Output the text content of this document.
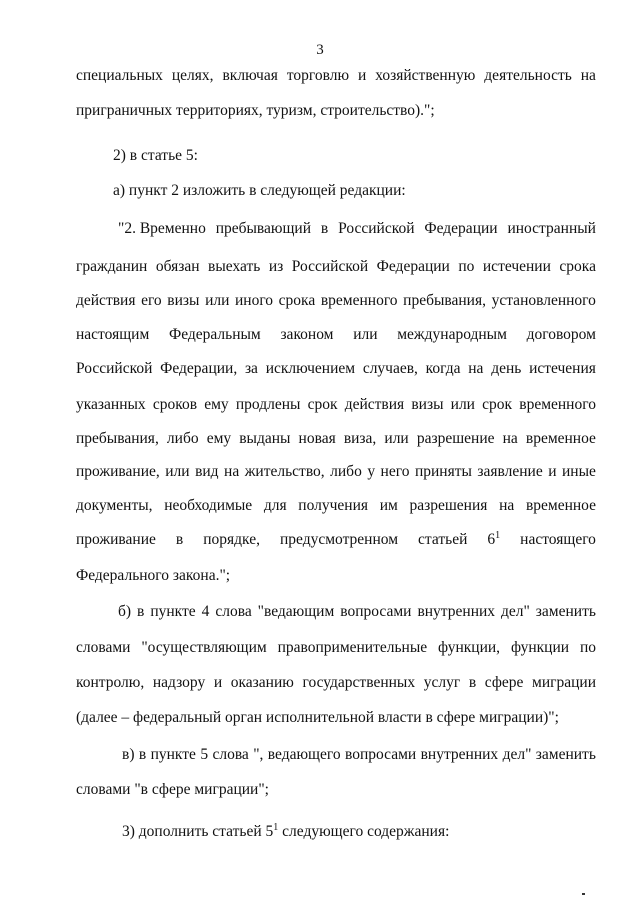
3
специальных целях, включая торговлю и хозяйственную деятельность на
приграничных территориях, туризм, строительство).";
2) в статье 5:
а) пункт 2 изложить в следующей редакции:
"2. Временно пребывающий в Российской Федерации иностранный
гражданин обязан выехать из Российской Федерации по истечении срока
действия его визы или иного срока временного пребывания, установленного
настоящим Федеральным законом или международным договором
Российской Федерации, за исключением случаев, когда на день истечения
указанных сроков ему продлены срок действия визы или срок временного
пребывания, либо ему выданы новая виза, или разрешение на временное
проживание, или вид на жительство, либо у него приняты заявление и иные
документы, необходимые для получения им разрешения на временное
проживание в порядке, предусмотренном статьей $6^1$ настоящего
Федерального закона.";
б) в пункте 4 слова "ведающим вопросами внутренних дел" заменить
словами "осуществляющим правоприменительные функции, функции по
контролю, надзору и оказанию государственных услуг в сфере миграции
(далее – федеральный орган исполнительной власти в сфере миграции)";
в) в пункте 5 слова ", ведающего вопросами внутренних дел" заменить
словами "в сфере миграции";
3) дополнить статьей $5^1$ следующего содержания:
